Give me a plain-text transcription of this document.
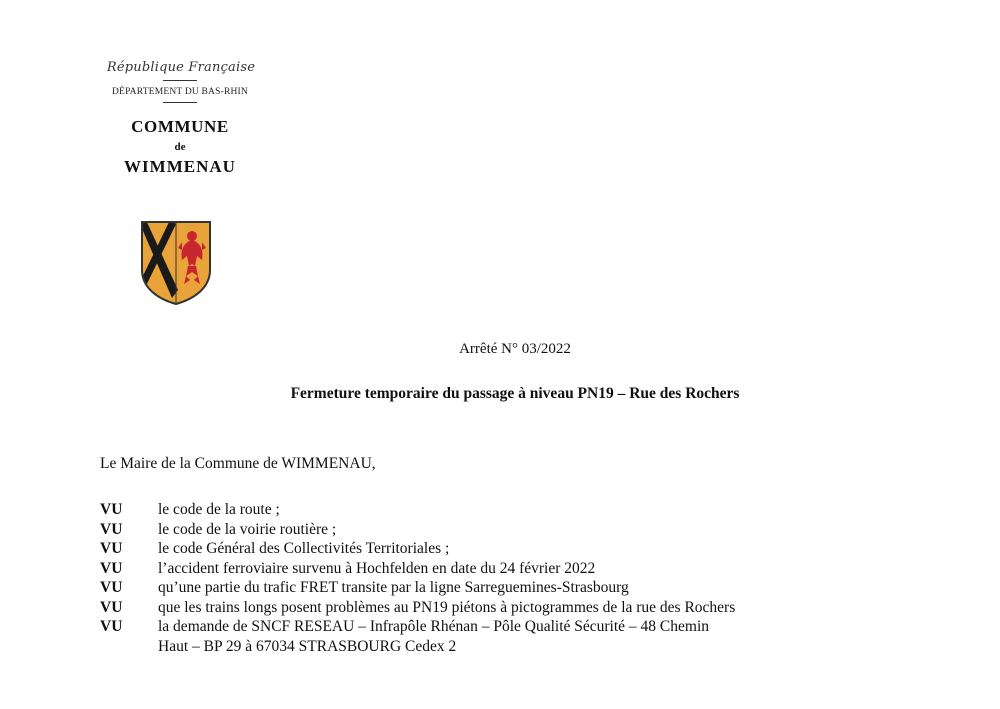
République Française
DÉPARTEMENT DU BAS-RHIN
COMMUNE
de
WIMMENAU
Arrêté N° 03/2022
Fermeture temporaire du passage à niveau PN19 – Rue des Rochers
Le Maire de la Commune de WIMMENAU,
VU	le code de la route ;
VU	le code de la voirie routière ;
VU	le code Général des Collectivités Territoriales ;
VU	l’accident ferroviaire survenu à Hochfelden en date du 24 février 2022
VU	qu’une partie du trafic FRET transite par la ligne Sarreguemines-Strasbourg
VU que les trains longs posent problèmes au PN19 piétons à pictogrammes de la rue des Rochers
VU	la demande de SNCF RESEAU – Infrapôle Rhénan – Pôle Qualité Sécurité – 48 Chemin
Haut – BP 29 à 67034 STRASBOURG Cedex 2
